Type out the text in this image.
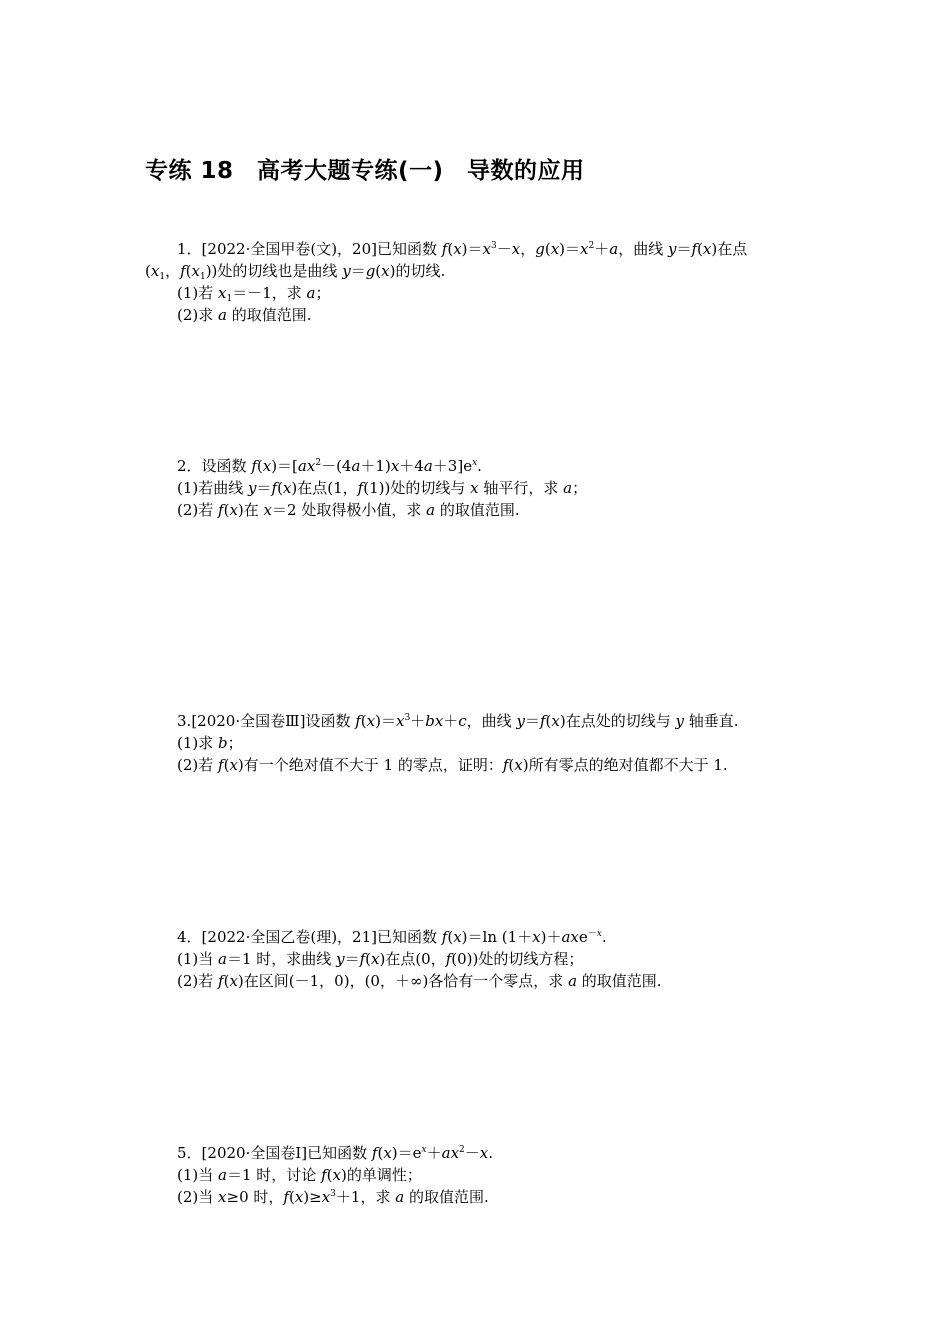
专练 18　高考大题专练(一)　导数的应用
1．[2022·全国甲卷(文)，20]已知函数 $f(x)=x^3-x$，$g(x)=x^2+a$，曲线 y＝f(x)在点
($x_1$，$f(x_1)$)处的切线也是曲线 y＝g(x)的切线.
(1)若 $x_1=-1$，求 a；
(2)求 a 的取值范围.
2．设函数 $f(x)=[ax^2-(4a+1)x+4a+3]e^x$.
(1)若曲线 y＝f(x)在点(1，f(1))处的切线与 x 轴平行，求 a；
(2)若 f(x)在 x＝2 处取得极小值，求 a 的取值范围.
3.[2020·全国卷Ⅲ]设函数 $f(x)=x^3+bx+c$，曲线 y＝f(x)在点处的切线与 y 轴垂直.
(1)求 b；
(2)若 f(x)有一个绝对值不大于 1 的零点，证明：f(x)所有零点的绝对值都不大于 1.
4．[2022·全国乙卷(理)，21]已知函数 f(x)＝ln (1＋x)＋axe$^{-x}$.
(1)当 a＝1 时，求曲线 y＝f(x)在点(0，f(0))处的切线方程；
(2)若 f(x)在区间(－1，0)，(0，＋∞)各恰有一个零点，求 a 的取值范围.
5．[2020·全国卷Ⅰ]已知函数 $f(x)=e^x+ax^2-x$.
(1)当 a＝1 时，讨论 f(x)的单调性；
(2)当 x≥0 时，$f(x)\ge x^3+1$，求 a 的取值范围.
